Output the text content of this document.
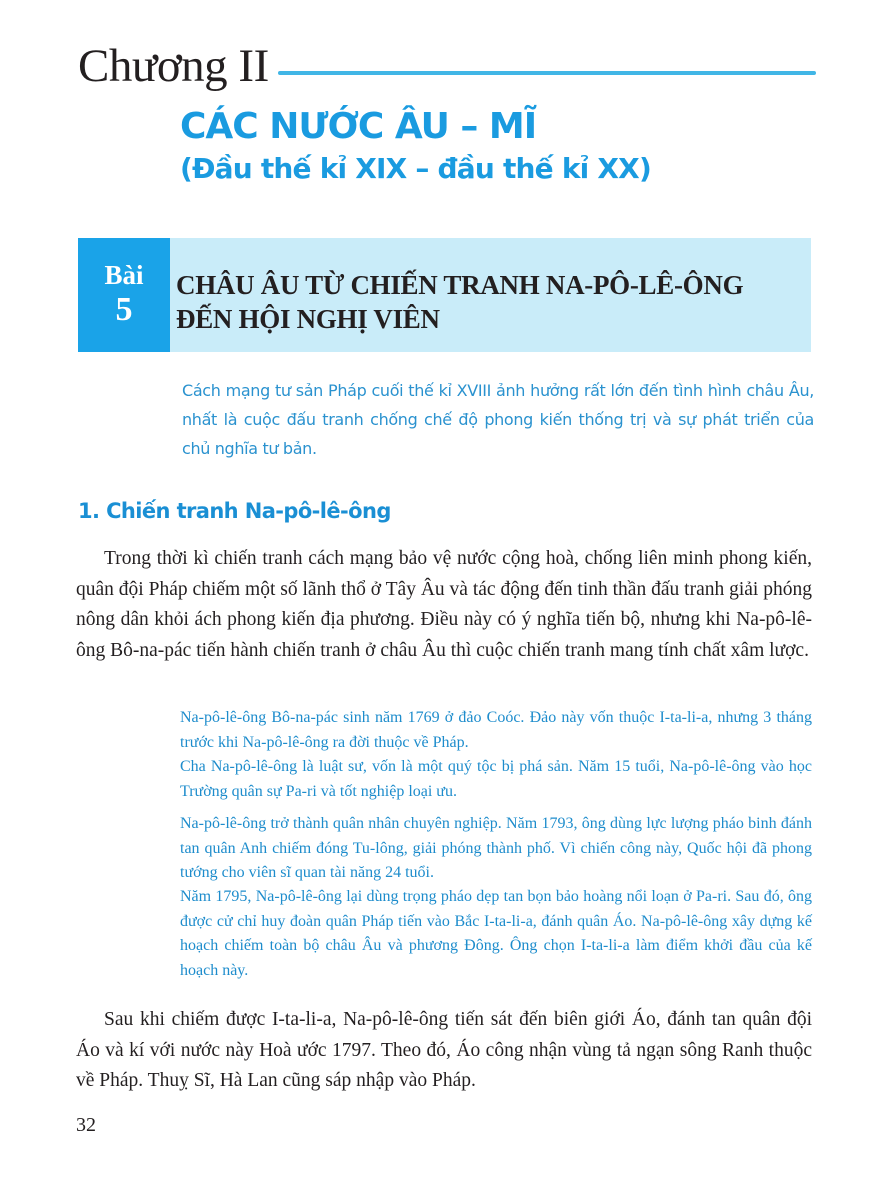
Chương II
CÁC NƯỚC ÂU – MĨ
(Đầu thế kỉ XIX – đầu thế kỉ XX)
Bài
5
CHÂU ÂU TỪ CHIẾN TRANH NA-PÔ-LÊ-ÔNG
ĐẾN HỘI NGHỊ VIÊN
Cách mạng tư sản Pháp cuối thế kỉ XVIII ảnh hưởng rất lớn đến tình hình châu Âu, nhất là cuộc đấu tranh chống chế độ phong kiến thống trị và sự phát triển của chủ nghĩa tư bản.
1. Chiến tranh Na-pô-lê-ông

Trong thời kì chiến tranh cách mạng bảo vệ nước cộng hoà, chống liên minh phong kiến, quân đội Pháp chiếm một số lãnh thổ ở Tây Âu và tác động đến tinh thần đấu tranh giải phóng nông dân khỏi ách phong kiến địa phương. Điều này có ý nghĩa tiến bộ, nhưng khi Na-pô-lê-ông Bô-na-pác tiến hành chiến tranh ở châu Âu thì cuộc chiến tranh mang tính chất xâm lược.

Na-pô-lê-ông Bô-na-pác sinh năm 1769 ở đảo Coóc. Đảo này vốn thuộc I-ta-li-a, nhưng 3 tháng trước khi Na-pô-lê-ông ra đời thuộc về Pháp.

Cha Na-pô-lê-ông là luật sư, vốn là một quý tộc bị phá sản. Năm 15 tuổi, Na-pô-lê-ông vào học Trường quân sự Pa-ri và tốt nghiệp loại ưu.

Na-pô-lê-ông trở thành quân nhân chuyên nghiệp. Năm 1793, ông dùng lực lượng pháo binh đánh tan quân Anh chiếm đóng Tu-lông, giải phóng thành phố. Vì chiến công này, Quốc hội đã phong tướng cho viên sĩ quan tài năng 24 tuổi.

Năm 1795, Na-pô-lê-ông lại dùng trọng pháo dẹp tan bọn bảo hoàng nổi loạn ở Pa-ri. Sau đó, ông được cử chỉ huy đoàn quân Pháp tiến vào Bắc I-ta-li-a, đánh quân Áo. Na-pô-lê-ông xây dựng kế hoạch chiếm toàn bộ châu Âu và phương Đông. Ông chọn I-ta-li-a làm điểm khởi đầu của kế hoạch này.

Sau khi chiếm được I-ta-li-a, Na-pô-lê-ông tiến sát đến biên giới Áo, đánh tan quân đội Áo và kí với nước này Hoà ước 1797. Theo đó, Áo công nhận vùng tả ngạn sông Ranh thuộc về Pháp. Thuỵ Sĩ, Hà Lan cũng sáp nhập vào Pháp.

32
